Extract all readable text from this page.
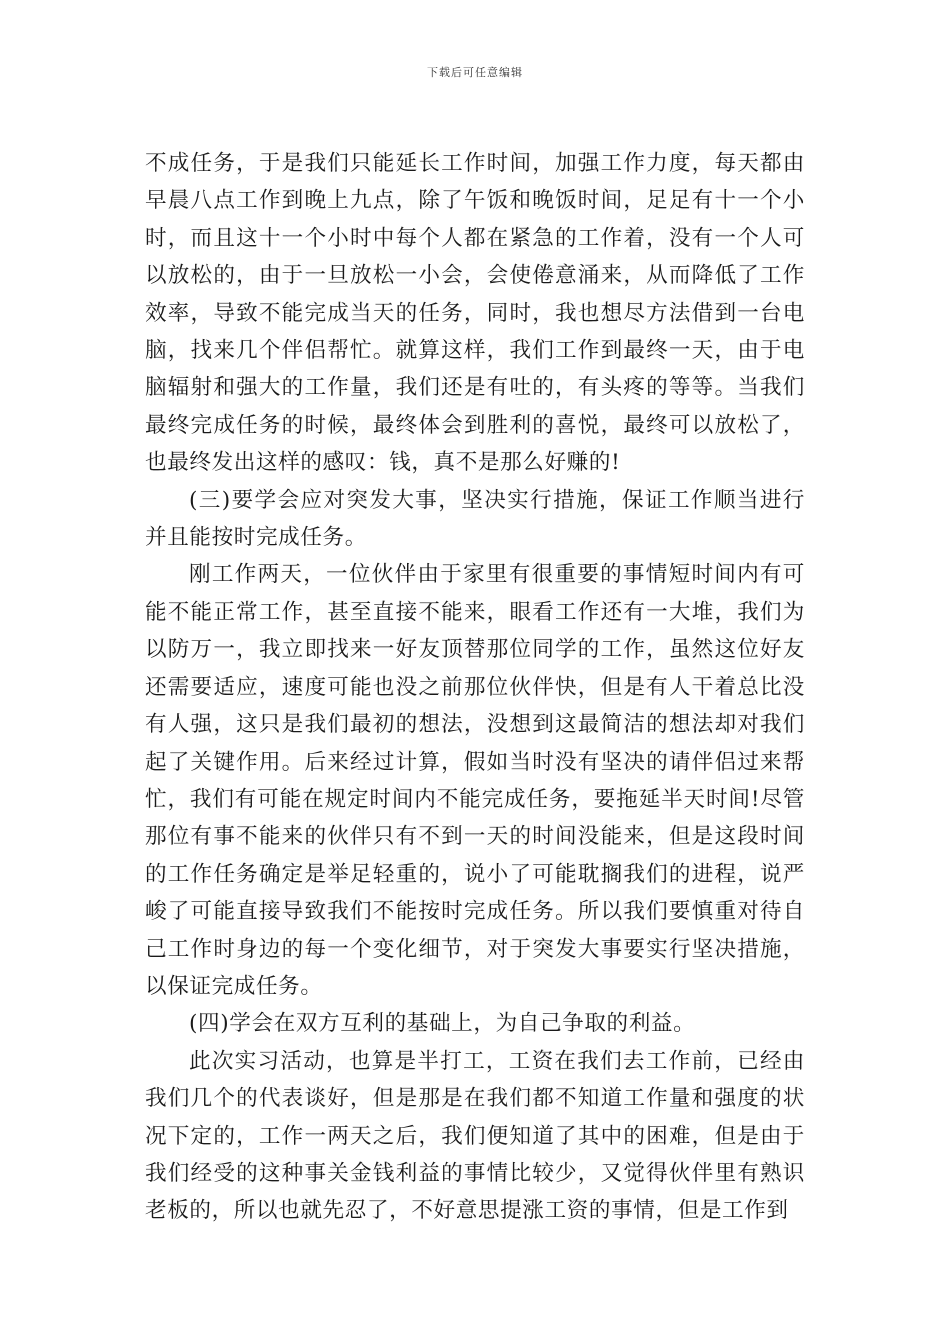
下载后可任意编辑

不成任务，于是我们只能延长工作时间，加强工作力度，每天都由早晨八点工作到晚上九点，除了午饭和晚饭时间，足足有十一个小时，而且这十一个小时中每个人都在紧急的工作着，没有一个人可以放松的，由于一旦放松一小会，会使倦意涌来，从而降低了工作效率，导致不能完成当天的任务，同时，我也想尽方法借到一台电脑，找来几个伴侣帮忙。就算这样，我们工作到最终一天，由于电脑辐射和强大的工作量，我们还是有吐的，有头疼的等等。当我们最终完成任务的时候，最终体会到胜利的喜悦，最终可以放松了，也最终发出这样的感叹：钱，真不是那么好赚的!

(三)要学会应对突发大事，坚决实行措施，保证工作顺当进行并且能按时完成任务。

刚工作两天，一位伙伴由于家里有很重要的事情短时间内有可能不能正常工作，甚至直接不能来，眼看工作还有一大堆，我们为以防万一，我立即找来一好友顶替那位同学的工作，虽然这位好友还需要适应，速度可能也没之前那位伙伴快，但是有人干着总比没有人强，这只是我们最初的想法，没想到这最简洁的想法却对我们起了关键作用。后来经过计算，假如当时没有坚决的请伴侣过来帮忙，我们有可能在规定时间内不能完成任务，要拖延半天时间!尽管那位有事不能来的伙伴只有不到一天的时间没能来，但是这段时间的工作任务确定是举足轻重的，说小了可能耽搁我们的进程，说严峻了可能直接导致我们不能按时完成任务。所以我们要慎重对待自己工作时身边的每一个变化细节，对于突发大事要实行坚决措施，以保证完成任务。

(四)学会在双方互利的基础上，为自己争取的利益。

此次实习活动，也算是半打工，工资在我们去工作前，已经由我们几个的代表谈好，但是那是在我们都不知道工作量和强度的状况下定的，工作一两天之后，我们便知道了其中的困难，但是由于我们经受的这种事关金钱利益的事情比较少，又觉得伙伴里有熟识老板的，所以也就先忍了，不好意思提涨工资的事情，但是工作到
